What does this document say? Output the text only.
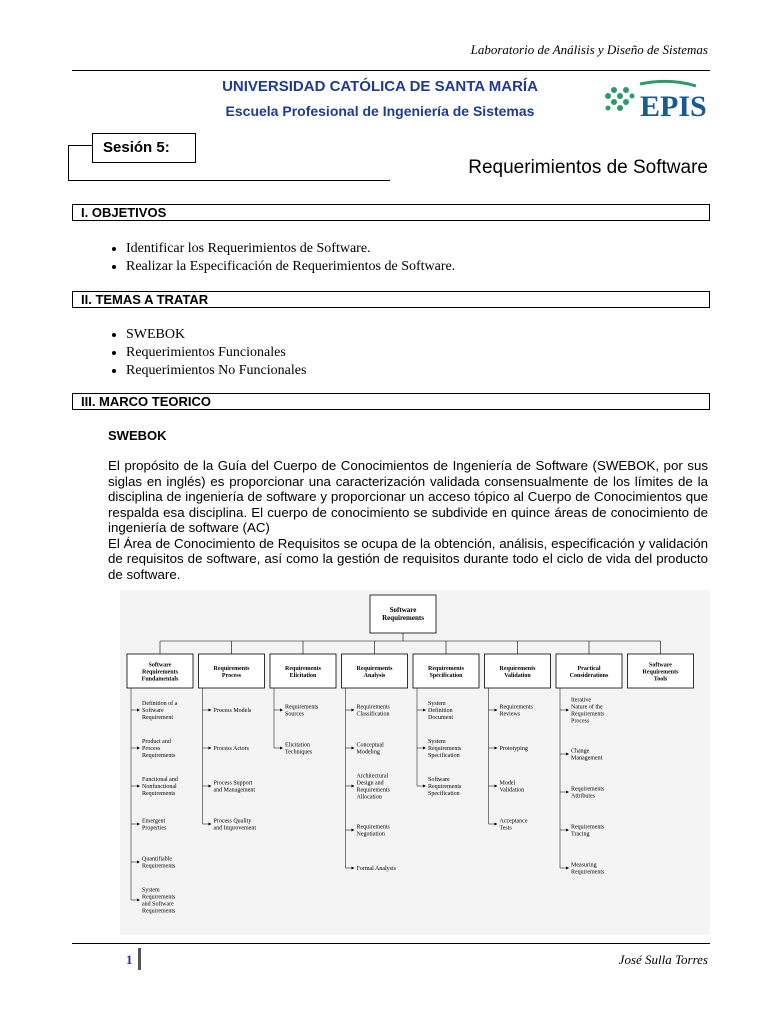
Laboratorio de Análisis y Diseño de Sistemas
UNIVERSIDAD CATÓLICA DE SANTA MARÍA
Escuela Profesional de Ingeniería de Sistemas	EPIS
Sesión 5:
Requerimientos de Software
I. OBJETIVOS
• Identificar los Requerimientos de Software.
• Realizar la Especificación de Requerimientos de Software.
II. TEMAS A TRATAR
• SWEBOK
• Requerimientos Funcionales
• Requerimientos No Funcionales
III. MARCO TEORICO
SWEBOK

El propósito de la Guía del Cuerpo de Conocimientos de Ingeniería de Software (SWEBOK, por sus siglas en inglés) es proporcionar una caracterización validada consensualmente de los límites de la disciplina de ingeniería de software y proporcionar un acceso tópico al Cuerpo de Conocimientos que respalda esa disciplina. El cuerpo de conocimiento se subdivide en quince áreas de conocimiento de ingeniería de software (AC)

El Área de Conocimiento de Requisitos se ocupa de la obtención, análisis, especificación y validación de requisitos de software, así como la gestión de requisitos durante todo el ciclo de vida del producto de software.

Software Requirements
Software Requirements Fundamentals
Definition of a Software Requirement
Product and Process Requirements
Functional and Nonfunctional Requirements
Emergent Properties
Quantifiable Requirements
System Requirements and Software Requirements
Requirements Process
Process Models
Process Actors
Process Support and Management
Process Quality and Improvement
Requirements Elicitation
Requirements Sources
Elicitation Techniques
Requirements Analysis
Requirements Classification
Conceptual Modeling
Architectural Design and Requirements Allocation
Requirements Negotiation
Formal Analysis
Requirements Specification
System Definition Document
System Requirements Specification
Software Requirements Specification
Requirements Validation
Requirements Reviews
Prototyping
Model Validation
Acceptance Tests
Practical Considerations
Iterative Nature of the Requirements Process
Change Management
Requirements Attributes
Requirements Tracing
Measuring Requirements
Software Requirements Tools
1	José Sulla Torres
